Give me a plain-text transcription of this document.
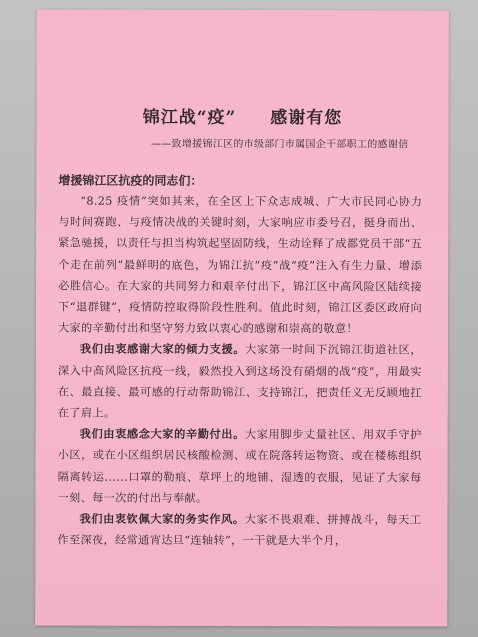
锦江战“疫” 感谢有您

——致增援锦江区的市级部门市属国企干部职工的感谢信

增援锦江区抗疫的同志们：

“8.25 疫情”突如其来，在全区上下众志成城、广大市民同心协力与时间赛跑、与疫情决战的关键时刻，大家响应市委号召，挺身而出、紧急驰援，以责任与担当构筑起坚固防线，生动诠释了成都党员干部“五个走在前列”最鲜明的底色，为锦江抗“疫”战“疫”注入有生力量、增添必胜信心。在大家的共同努力和艰辛付出下，锦江区中高风险区陆续接下“退群键”，疫情防控取得阶段性胜利。值此时刻，锦江区委区政府向大家的辛勤付出和坚守努力致以衷心的感谢和崇高的敬意！

我们由衷感谢大家的倾力支援。大家第一时间下沉锦江街道社区，深入中高风险区抗疫一线，毅然投入到这场没有硝烟的战“疫”，用最实在、最直接、最可感的行动帮助锦江、支持锦江，把责任义无反顾地扛在了肩上。

我们由衷感念大家的辛勤付出。大家用脚步丈量社区、用双手守护小区，或在小区组织居民核酸检测、或在院落转运物资、或在楼栋组织隔离转运......口罩的勒痕、草坪上的地铺、湿透的衣服，见证了大家每一刻、每一次的付出与奉献。

我们由衷钦佩大家的务实作风。大家不畏艰难、拼搏战斗，每天工作至深夜，经常通宵达旦“连轴转”，一干就是大半个月，
